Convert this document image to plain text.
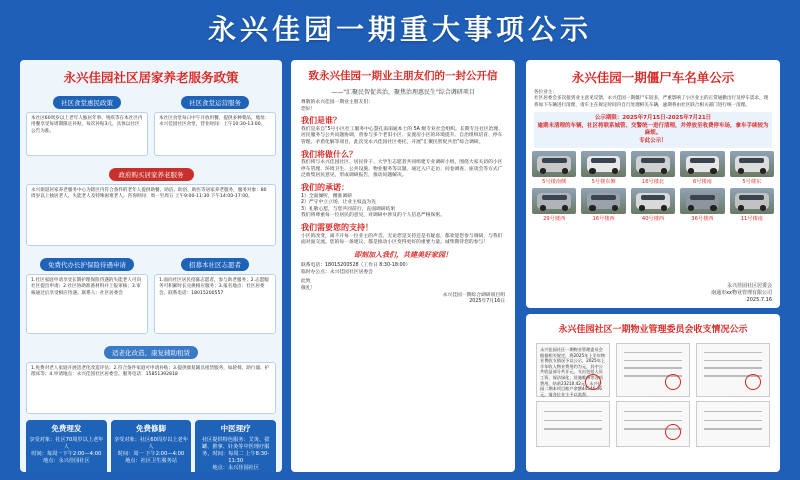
永兴佳园一期重大事项公示
永兴佳园社区居家养老服务政策
社区食堂惠民政策
本社区60周岁以上老年人独居年事、残疾等在本社区内用餐享受每周期限定补贴，每次补贴3元，具体以社区公告为准。
社区食堂运营服务
本社区食堂每日中午开放用餐，提供多种菜品，地址：永兴佳园社区食堂，营业时间：上午10:30-13:00。
政府购买居家养老服务
永兴街道居家养老服务中心为辖区内符合条件的老年人提供助餐、助洁、助浴、助医等居家养老服务，服务对象：80周岁以上独居老人、失能老人及特殊困难老人。咨询时间：周一至周五 上午9:00-11:30 下午14:00-17:00。
免费代办长护保险待遇申请
1.社区家庭申请享受长期护理保险待遇的失能老人可向社区提出申请；2.社区协助准备材料并上报审核；3.审核通过后享受相应待遇。联系人：社区居委会
招募本社区志愿者
1.面向社区居民招募志愿者，参与助老服务；2.志愿服务可积累时长兑换相应服务；3.报名地点：社区居委会。联系电话：18015200557
适老化改造、康复辅助租赁
1.免费对老人家庭开展适老化改造评估；2.符合条件家庭可申请补贴；3.提供康复辅具租赁服务，如轮椅、助行器、护理床等；4.申请地点：永兴佳园社区居委会。服务电话：15851392818
免费理发
享受对象：社区70周岁以上老年人
时间：每周一下午2:00—4:00
地点：永兴佳园社区
免费修脚
享受对象：社区60周岁以上老年人
时间：周一 下午2:00—4:00
地点：社区卫生服务站
中医理疗
社区提供特色服务：艾灸、拔罐、推拿、针灸等中医理疗服务，时间：每周二 上午8:30-11:30
地点：永兴佳园社区
致永兴佳园一期业主朋友们的一封公开信
——"汇聚民智促共治，聚焦治理惠民生"综合调研项目
尊敬的永兴佳园一期业主朋友们：
您好！
我们是谁？
我们是来自“5号小区社工服务中心慧孔南南通本土的 5A 级专业社会组织。长期专注社区治理、居民服务与公共问题协调，曾参与多个老旧小区、安置房小区的环境提升、自治组织培育、停车管理、矛盾化解等项目，此次受永兴佳园社区委托，开展“汇聚民智促共治”综合调研。
我们将做什么？
我们将与永兴佳园社区、居民骨干、大学生志愿者共同组建专业调研小组，围绕大家关切的小区停车管理、环境卫生、公共设施、物业服务等议题，通过入户走访、问卷调查、座谈会等方式广泛收集居民意见，形成调研报告，推动问题解决。
我们的承诺：
1）全面倾听，精准调研
2）严守中立立场，让业主权益为先
3）礼敬心愿，与您共同前行，直面调研结果
我们将尊重每一位居民的意见，对调研中涉及的个人信息严格保密。
我们需要您的支持！
小区的改变，离不开每一位业主的声音。无论您是支持还是有疑虑，都欢迎您参与调研，与我们面对面交流。您的每一条建议，都是推动小区变得更好的重要力量。诚挚期待您的参与！
即刻加入我们，共建美好家园！
联系电话：18015200528（工作日 8:30-18:00）
临时办公点：永兴佳园社区居委会
此致
敬礼！
永兴佳园一期综合调研项目组
2025年7月16日
永兴佳园一期僵尸车名单公示
各位业主：
社区居委会多次接到业主意见反馈，永兴佳园一期僵尸车较多，严重影响了小区业主的正常通勤出行及停车需求，现将如下车辆进行清理，请车主在规定时间内自行处理相关车辆，逾期将由社区联合相关部门进行统一清理。
公示期限：2025年7月15日-2025年7月21日
逾期未清理的车辆，社区将联系城管、交警统一进行清理，并停放至收费停车场，拿车手续较为麻烦。
专此公示！
5号楼南侧	5号楼东侧	16号楼北	6号楼南	5号楼东
29号楼西	16号楼西	40号楼西	36号楼西	11号楼南
永兴佳园社区居委会
南通市xx物业管理有限公司
2025.7.16
永兴佳园社区一期物业管理委员会收支情况公示
永兴佳园社区一期物业管理委员会根据相关规定，将2025年上半年物业费收支情况予以公示，2025年上半年收入物业费用约为元，其中公共收益部分共计元，支出包括人员工资、保洁绿化、设施维修等各项费用，结余23210.42元，永兴佳园二期本项目账户余额44546.46元，请各位业主予以监督。
